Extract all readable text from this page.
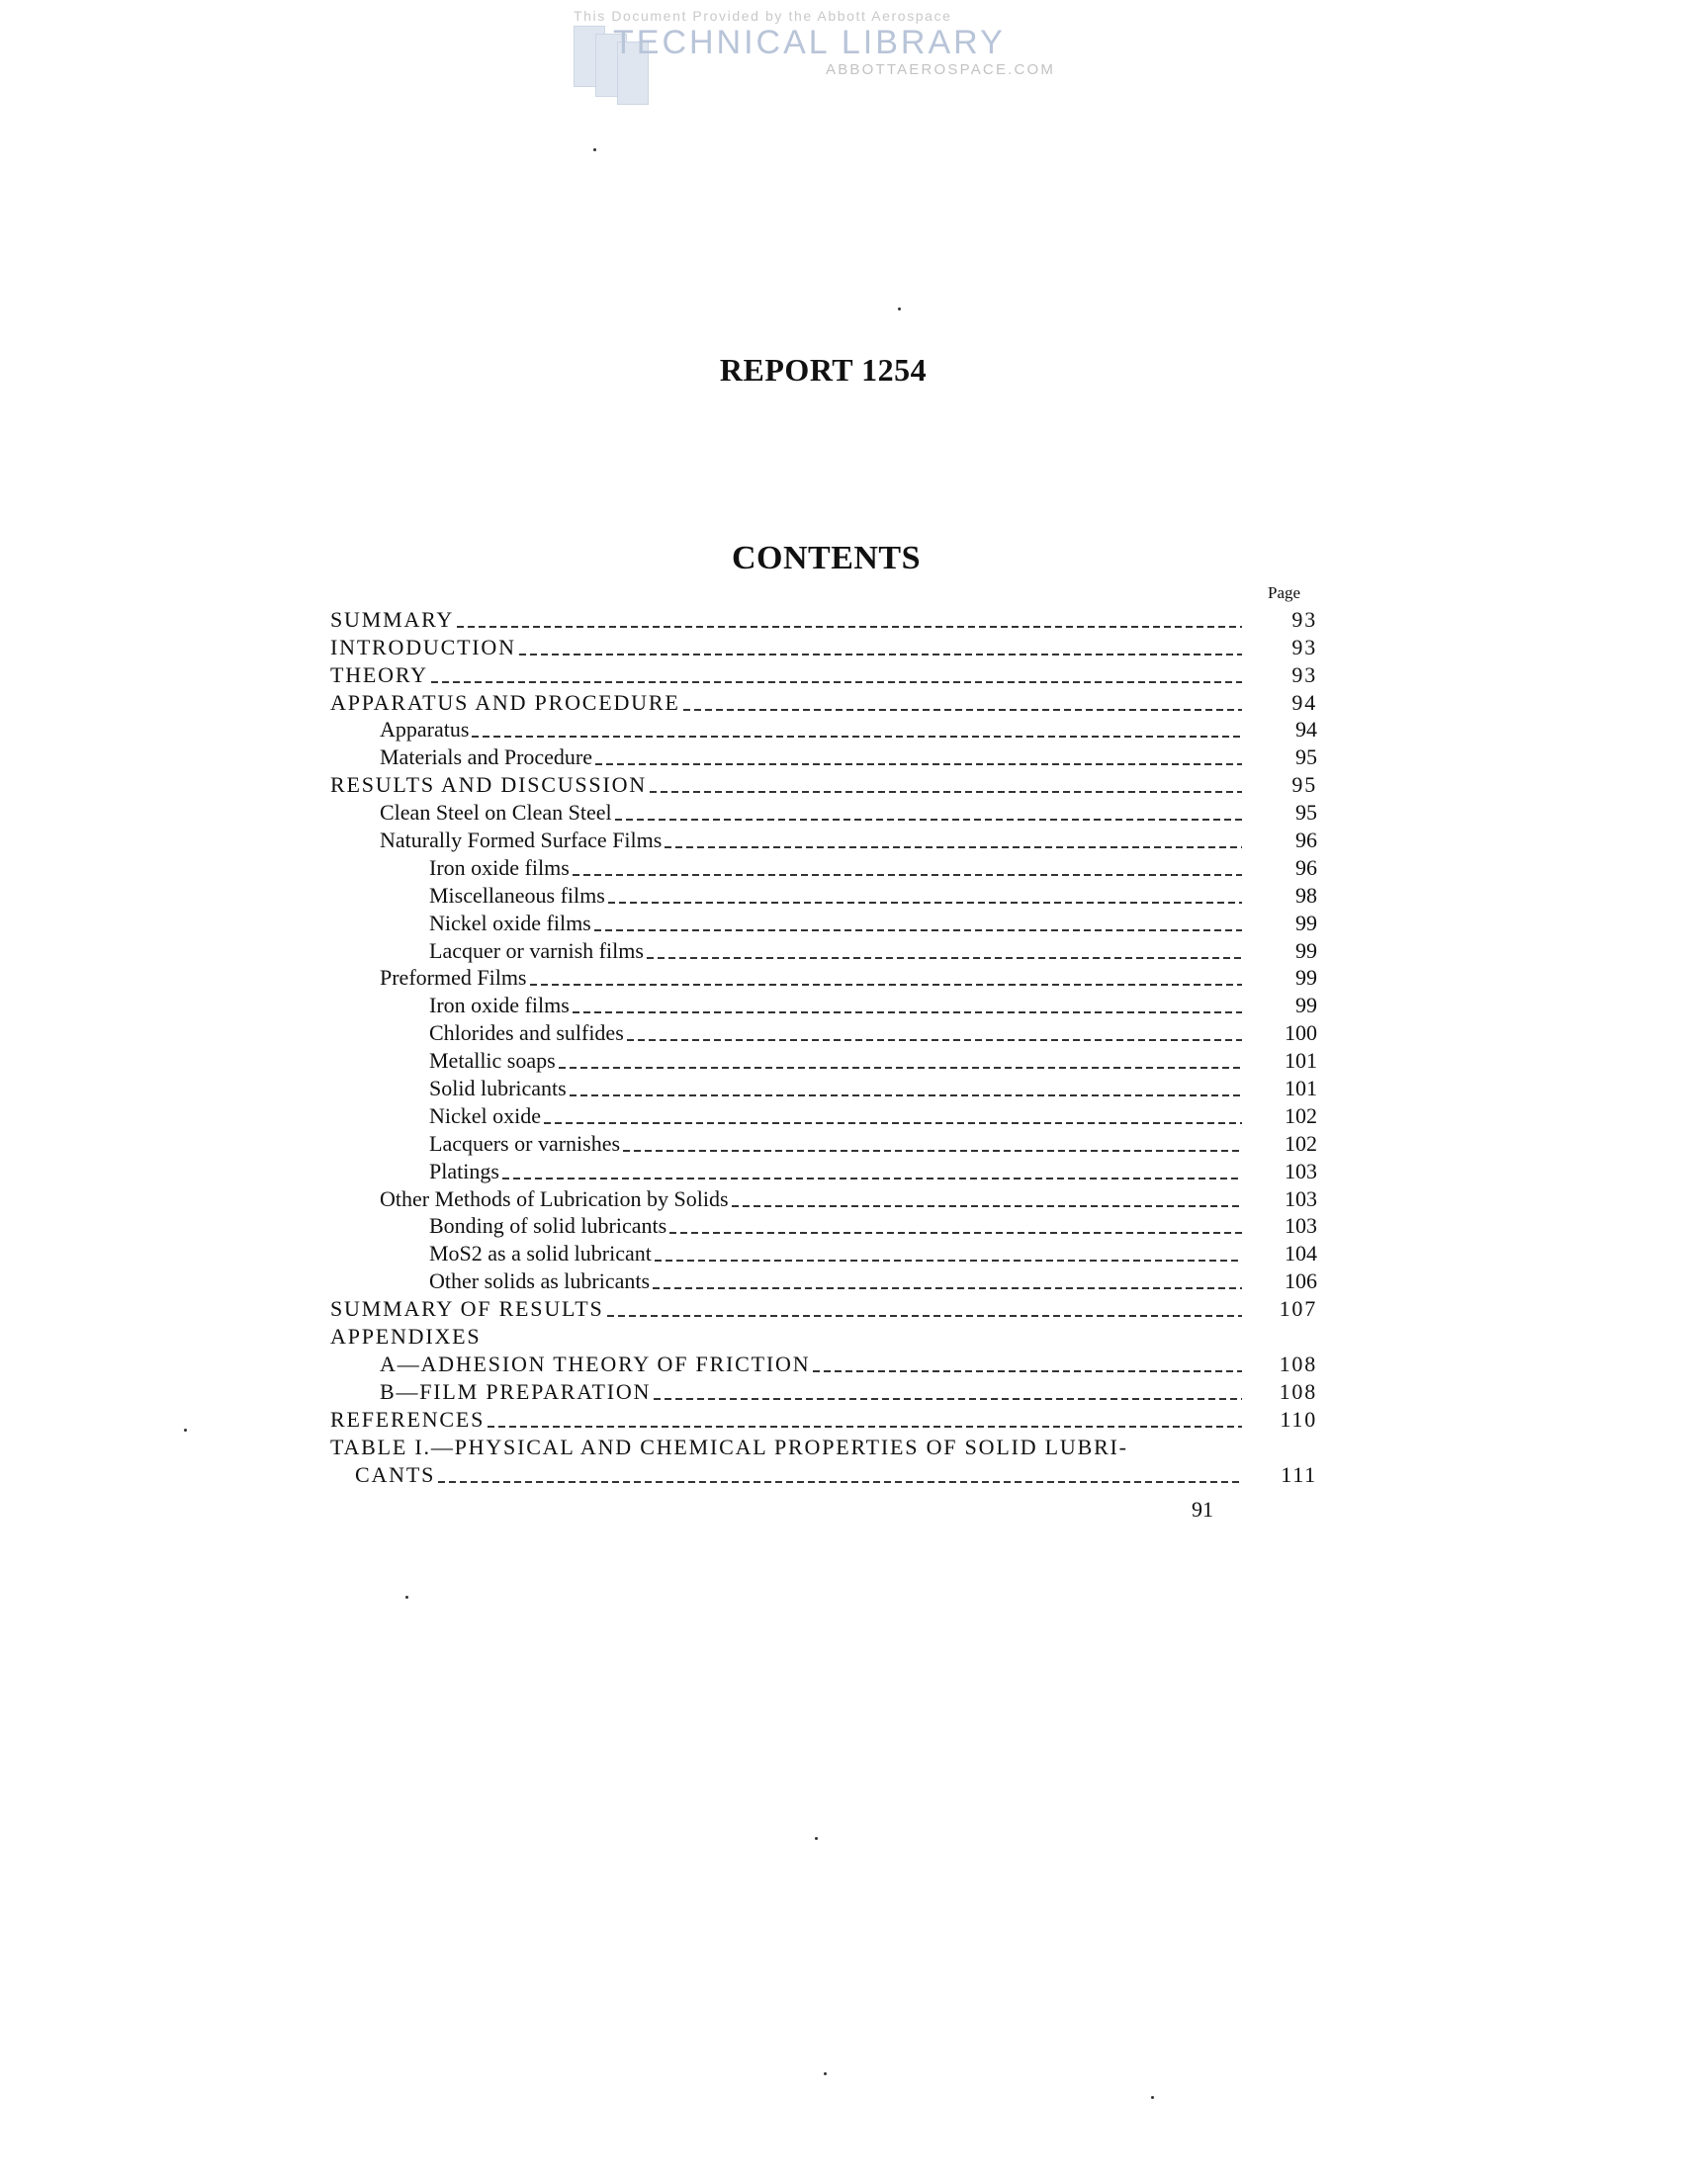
This Document Provided by the Abbott Aerospace
TECHNICAL LIBRARY
ABBOTTAEROSPACE.COM
REPORT 1254
CONTENTS
Page
SUMMARY	93
INTRODUCTION	93
THEORY	93
APPARATUS AND PROCEDURE	94
Apparatus	94
Materials and Procedure	95
RESULTS AND DISCUSSION	95
Clean Steel on Clean Steel	95
Naturally Formed Surface Films	96
Iron oxide films	96
Miscellaneous films	98
Nickel oxide films	99
Lacquer or varnish films	99
Preformed Films	99
Iron oxide films	99
Chlorides and sulfides	100
Metallic soaps	101
Solid lubricants	101
Nickel oxide	102
Lacquers or varnishes	102
Platings	103
Other Methods of Lubrication by Solids	103
Bonding of solid lubricants	103
MoS2 as a solid lubricant	104
Other solids as lubricants	106
SUMMARY OF RESULTS	107
APPENDIXES
A—ADHESION THEORY OF FRICTION	108
B—FILM PREPARATION	108
REFERENCES	110
TABLE I.—PHYSICAL AND CHEMICAL PROPERTIES OF SOLID LUBRI-
CANTS	111
91
